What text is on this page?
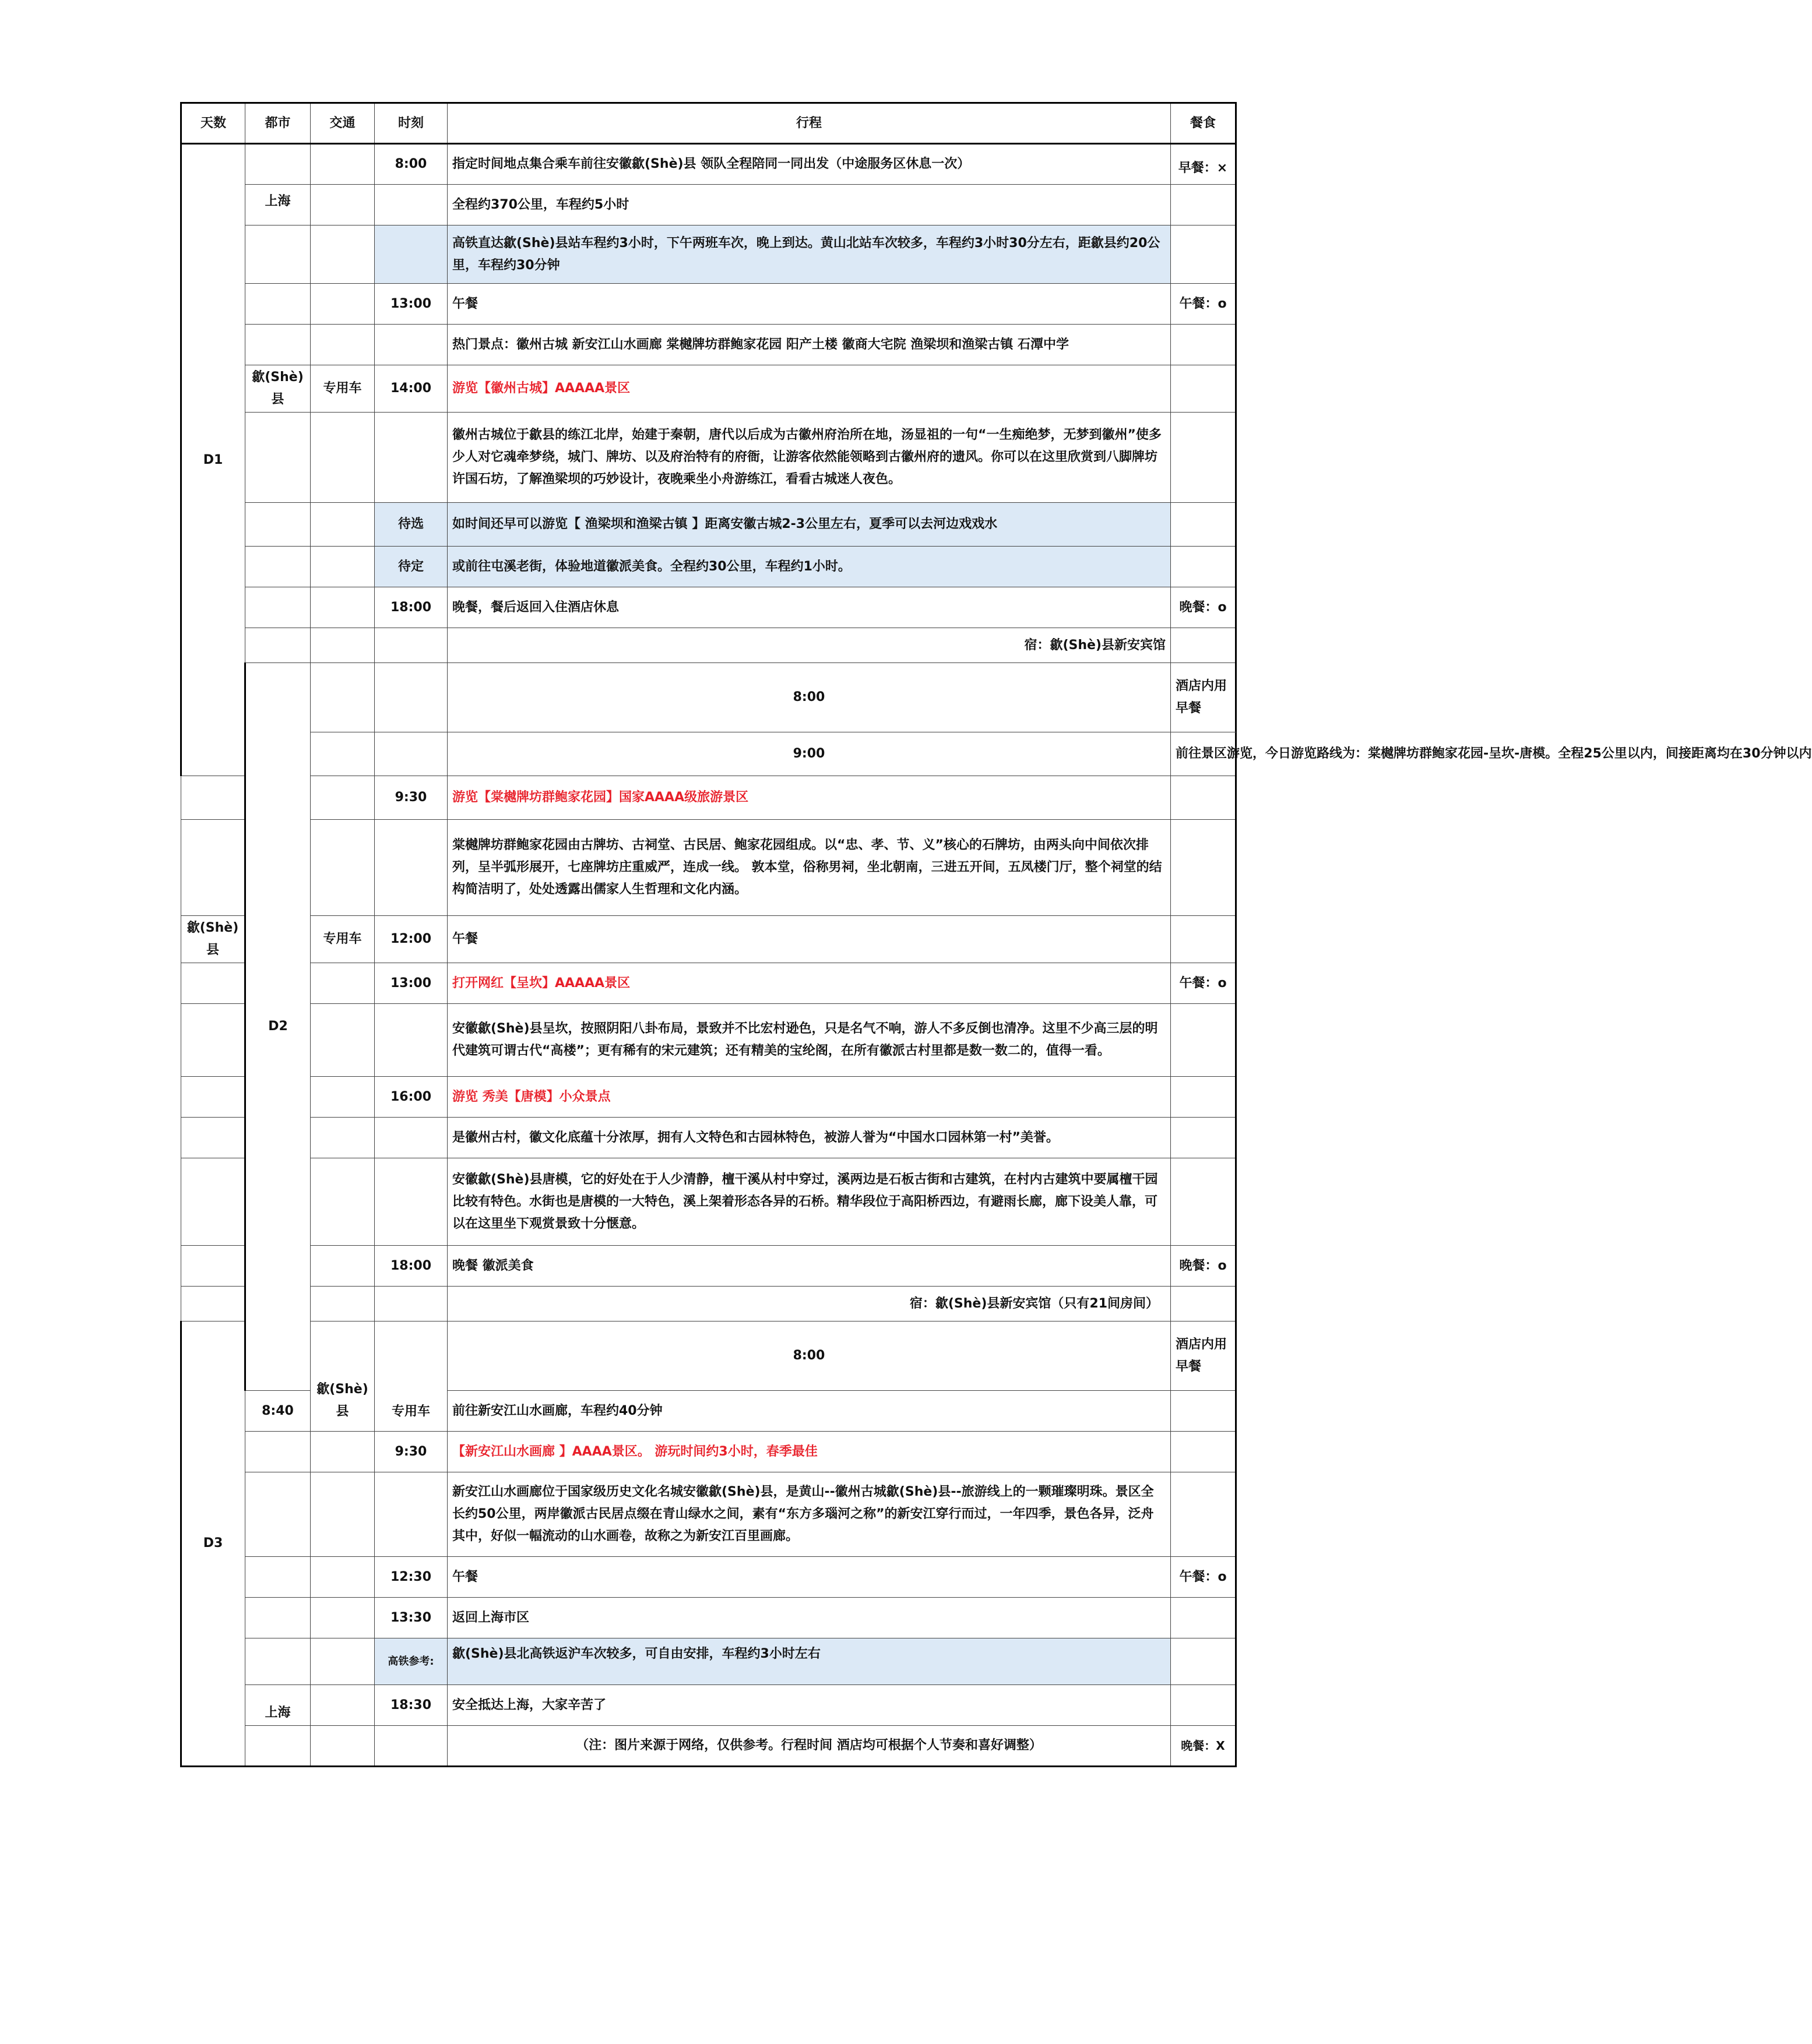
天数	都市	交通	时刻	行程	餐食	
D1			8:00	指定时间地点集合乘车前往安徽歙(Shè)县 领队全程陪同一同出发（中途服务区休息一次）	早餐：×	
	上海			全程约370公里，车程约5小时		
				高铁直达歙(Shè)县站车程约3小时，下午两班车次，晚上到达。黄山北站车次较多，车程约3小时30分左右，距歙县约20公里，车程约30分钟		
			13:00	午餐	午餐：o	
				热门景点：徽州古城 新安江山水画廊 棠樾牌坊群鲍家花园 阳产土楼 徽商大宅院 渔梁坝和渔梁古镇 石潭中学		
	歙(Shè)县	专用车	14:00	游览【徽州古城】AAAAA景区		
				徽州古城位于歙县的练江北岸，始建于秦朝，唐代以后成为古徽州府治所在地，汤显祖的一句“一生痴绝梦，无梦到徽州”使多少人对它魂牵梦绕，城门、牌坊、以及府治特有的府衙，让游客依然能领略到古徽州府的遗风。你可以在这里欣赏到八脚牌坊许国石坊，了解渔梁坝的巧妙设计，夜晚乘坐小舟游练江，看看古城迷人夜色。		
			待选	如时间还早可以游览【 渔梁坝和渔梁古镇 】距离安徽古城2-3公里左右，夏季可以去河边戏戏水		
			待定	或前往屯溪老街，体验地道徽派美食。全程约30公里，车程约1小时。		
			18:00	晚餐，餐后返回入住酒店休息	晚餐：o	
				宿：歙(Shè)县新安宾馆		
	D2			8:00	酒店内用早餐	
				9:00	前往景区游览，今日游览路线为：棠樾牌坊群鲍家花园-呈坎-唐模。全程25公里以内，间接距离均在30分钟以内	
			9:30	游览【棠樾牌坊群鲍家花园】国家AAAA级旅游景区		
				棠樾牌坊群鲍家花园由古牌坊、古祠堂、古民居、鲍家花园组成。以“忠、孝、节、义”核心的石牌坊，由两头向中间依次排列，呈半弧形展开，七座牌坊庄重威严，连成一线。 敦本堂，俗称男祠，坐北朝南，三进五开间，五凤楼门厅，整个祠堂的结构简洁明了，处处透露出儒家人生哲理和文化内涵。		
歙(Shè)县		专用车	12:00	午餐		
			13:00	打开网红【呈坎】AAAAA景区	午餐：o	
				安徽歙(Shè)县呈坎，按照阴阳八卦布局，景致并不比宏村逊色，只是名气不响，游人不多反倒也清净。这里不少高三层的明代建筑可谓古代“高楼”；更有稀有的宋元建筑；还有精美的宝纶阁，在所有徽派古村里都是数一数二的，值得一看。		
			16:00	游览 秀美【唐模】小众景点		
				是徽州古村，徽文化底蕴十分浓厚，拥有人文特色和古园林特色，被游人誉为“中国水口园林第一村”美誉。		
				安徽歙(Shè)县唐模，它的好处在于人少清静，檀干溪从村中穿过，溪两边是石板古街和古建筑，在村内古建筑中要属檀干园比较有特色。水街也是唐模的一大特色，溪上架着形态各异的石桥。精华段位于高阳桥西边，有避雨长廊，廊下设美人靠，可以在这里坐下观赏景致十分惬意。		
			18:00	晚餐 徽派美食	晚餐：o	
				宿：歙(Shè)县新安宾馆（只有21间房间）		
D3		歙(Shè)县	专用车	8:00	酒店内用早餐	
	8:40			前往新安江山水画廊，车程约40分钟		
			9:30	【新安江山水画廊 】AAAA景区。 游玩时间约3小时，春季最佳		
				新安江山水画廊位于国家级历史文化名城安徽歙(Shè)县，是黄山--徽州古城歙(Shè)县--旅游线上的一颗璀璨明珠。景区全长约50公里，两岸徽派古民居点缀在青山绿水之间，素有“东方多瑙河之称”的新安江穿行而过，一年四季，景色各异，泛舟其中，好似一幅流动的山水画卷，故称之为新安江百里画廊。		
			12:30	午餐	午餐：o	
			13:30	返回上海市区		
			高铁参考:	歙(Shè)县北高铁返沪车次较多，可自由安排，车程约3小时左右		
	上海		18:30	安全抵达上海，大家辛苦了		
				（注：图片来源于网络，仅供参考。行程时间 酒店均可根据个人节奏和喜好调整）	晚餐：X	
